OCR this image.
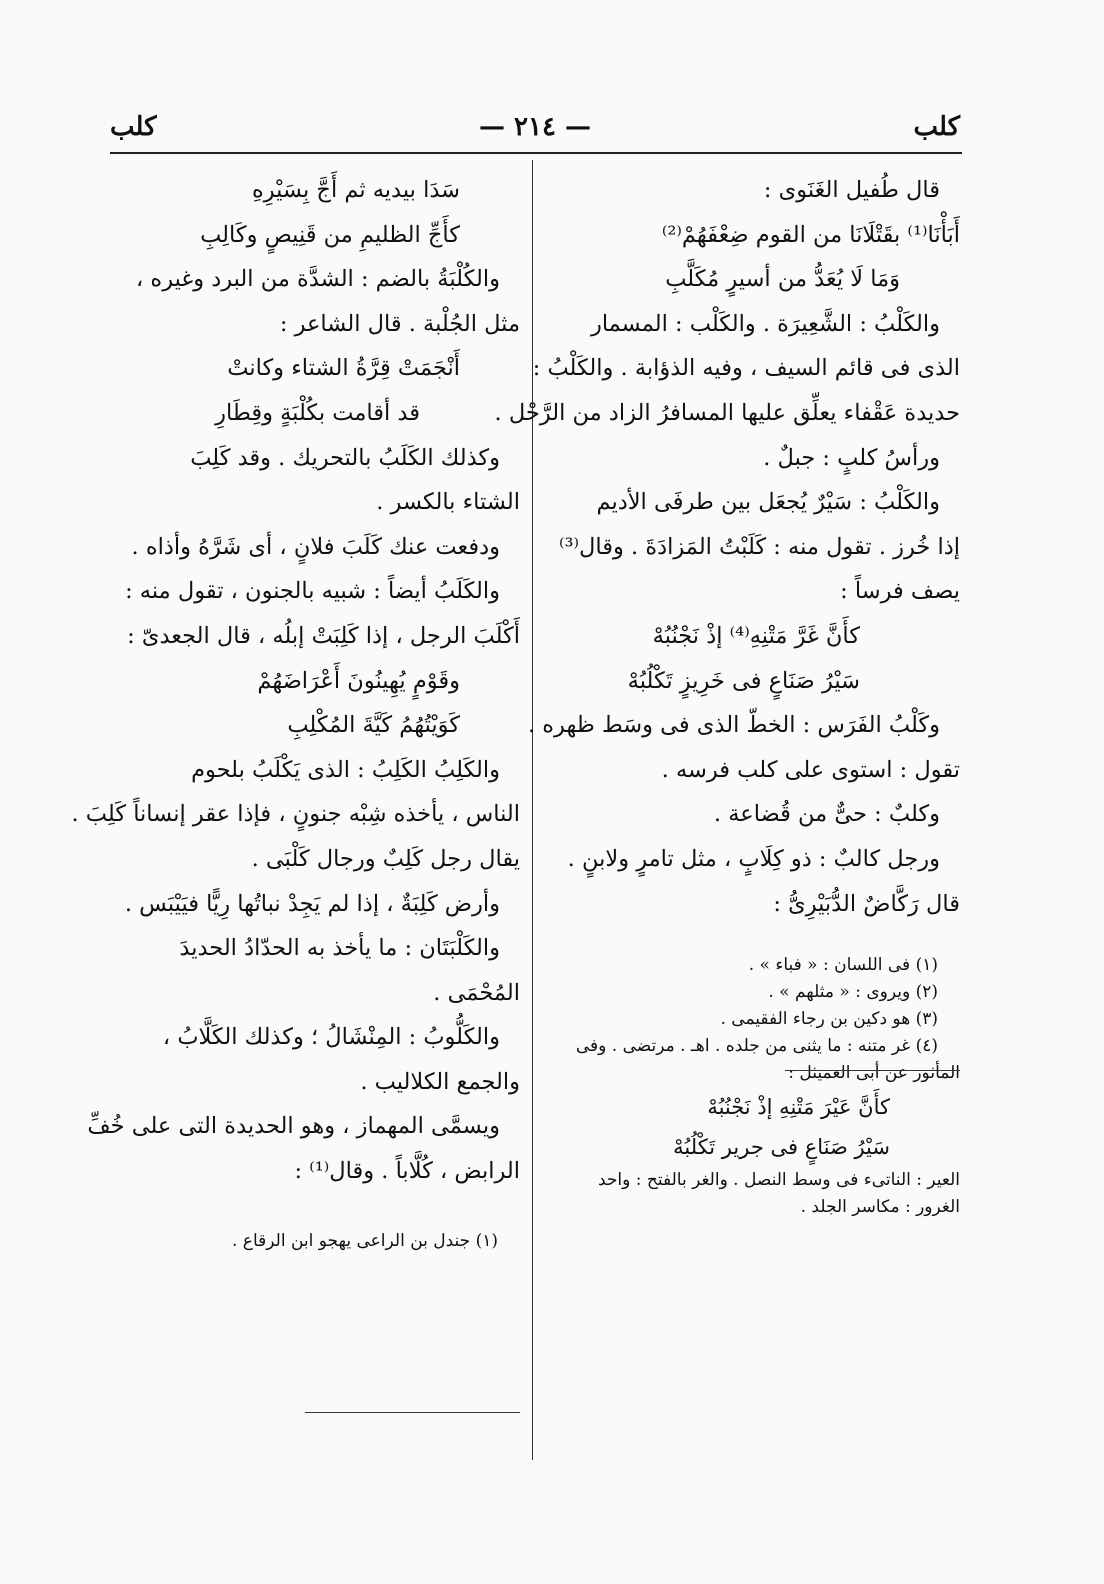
كلب
— ٢١٤ —
كلب
قال طُفيل الغَنَوى :
أَبَأْنَا⁽¹⁾ بقَتْلَانَا من القوم ضِعْفَهُمْ⁽²⁾
وَمَا لَا يُعَدُّ من أسيرٍ مُكَلَّبِ
والكَلْبُ : الشَّعِيرَة . والكَلْب : المسمار
الذى فى قائم السيف ، وفيه الذؤابة . والكَلْبُ :
حديدة عَقْفاء يعلِّق عليها المسافرُ الزاد من الرَّحْل .
ورأسُ كلبٍ : جبلٌ .
والكَلْبُ : سَيْرٌ يُجعَل بين طرفَى الأديم
إذا خُرز . تقول منه : كَلَبْتُ المَزادَةَ . وقال⁽³⁾
يصف فرساً :
كأَنَّ غَرَّ مَتْنِهِ⁽⁴⁾ إذْ نَجْنُبُهْ
سَيْرُ صَنَاعٍ فى خَرِيزٍ تَكْلُبُهْ
وكَلْبُ الفَرَس : الخطّ الذى فى وسَط ظهره .
تقول : استوى على كلب فرسه .
وكلبٌ : حىٌّ من قُضاعة .
ورجل كالبٌ : ذو كِلَابٍ ، مثل تامرٍ ولابنٍ .
قال رَكَّاضٌ الدُّبَيْرِىُّ :
(١) فى اللسان : « فباء » .
(٢) ويروى : « مثلهم » .
(٣) هو دكين بن رجاء الفقيمى .
(٤) غر متنه : ما يثنى من جلده . اهـ . مرتضى . وفى
المأثور عن أبى العميثل :
كأَنَّ عَيْرَ مَتْنِهِ إذْ نَجْنُبُهْ
سَيْرُ صَنَاعٍ فى جرير تَكْلُبُهْ
العير : الناتىء فى وسط النصل . والغر بالفتح : واحد
الغرور : مكاسر الجلد .
سَدَا بيديه ثم أَجَّ بِسَيْرِهِ
كأَجِّ الظليمِ من قَنِيصٍ وكَالِبِ
والكُلْبَةُ بالضم : الشدَّة من البرد وغيره ،
مثل الجُلْبة . قال الشاعر :
أَنْجَمَتْ قِرَّةُ الشتاء وكانتْ
قد أقامت بكُلْبَةٍ وقِطَارِ
وكذلك الكَلَبُ بالتحريك . وقد كَلِبَ
الشتاء بالكسر .
ودفعت عنك كَلَبَ فلانٍ ، أى شَرَّهُ وأذاه .
والكَلَبُ أيضاً : شبيه بالجنون ، تقول منه :
أَكْلَبَ الرجل ، إذا كَلِبَتْ إبلُه ، قال الجعدىّ :
وقَوْمٍ يُهِينُونَ أَعْرَاضَهُمْ
كَوَيْتُهُمُ كَيَّةَ المُكْلِبِ
والكَلِبُ الكَلِبُ : الذى يَكْلَبُ بلحوم
الناس ، يأخذه شِبْه جنونٍ ، فإذا عقر إنساناً كَلِبَ .
يقال رجل كَلِبٌ ورجال كَلْبَى .
وأرض كَلِبَةٌ ، إذا لم يَجِدْ نباتُها رِيًّا فيَيْبَس .
والكَلْبَتَان : ما يأخذ به الحدّادُ الحديدَ
المُحْمَى .
والكَلُّوبُ : المِنْشَالُ ؛ وكذلك الكَلَّابُ ،
والجمع الكلاليب .
ويسمَّى المهماز ، وهو الحديدة التى على خُفِّ
الرابض ، كُلَّاباً . وقال⁽¹⁾ :
(١) جندل بن الراعى يهجو ابن الرقاع .
